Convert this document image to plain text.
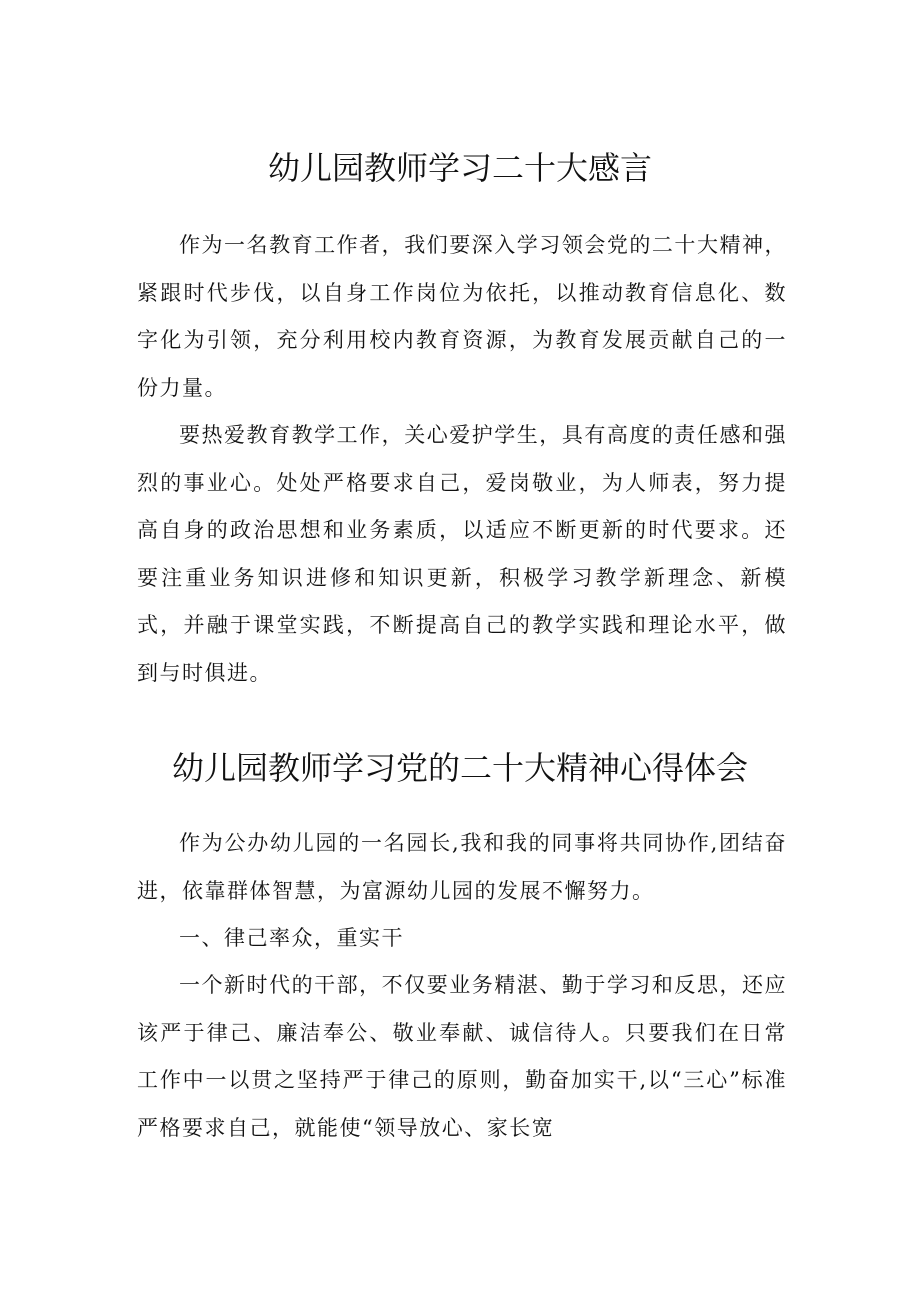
幼儿园教师学习二十大感言

作为一名教育工作者，我们要深入学习领会党的二十大精神，紧跟时代步伐，以自身工作岗位为依托，以推动教育信息化、数字化为引领，充分利用校内教育资源，为教育发展贡献自己的一份力量。

要热爱教育教学工作，关心爱护学生，具有高度的责任感和强烈的事业心。处处严格要求自己，爱岗敬业，为人师表，努力提高自身的政治思想和业务素质，以适应不断更新的时代要求。还要注重业务知识进修和知识更新，积极学习教学新理念、新模式，并融于课堂实践，不断提高自己的教学实践和理论水平，做到与时俱进。

幼儿园教师学习党的二十大精神心得体会

作为公办幼儿园的一名园长,我和我的同事将共同协作,团结奋进，依靠群体智慧，为富源幼儿园的发展不懈努力。

一、律己率众，重实干

一个新时代的干部，不仅要业务精湛、勤于学习和反思，还应该严于律己、廉洁奉公、敬业奉献、诚信待人。只要我们在日常工作中一以贯之坚持严于律己的原则，勤奋加实干,以“三心”标准严格要求自己，就能使“领导放心、家长宽
